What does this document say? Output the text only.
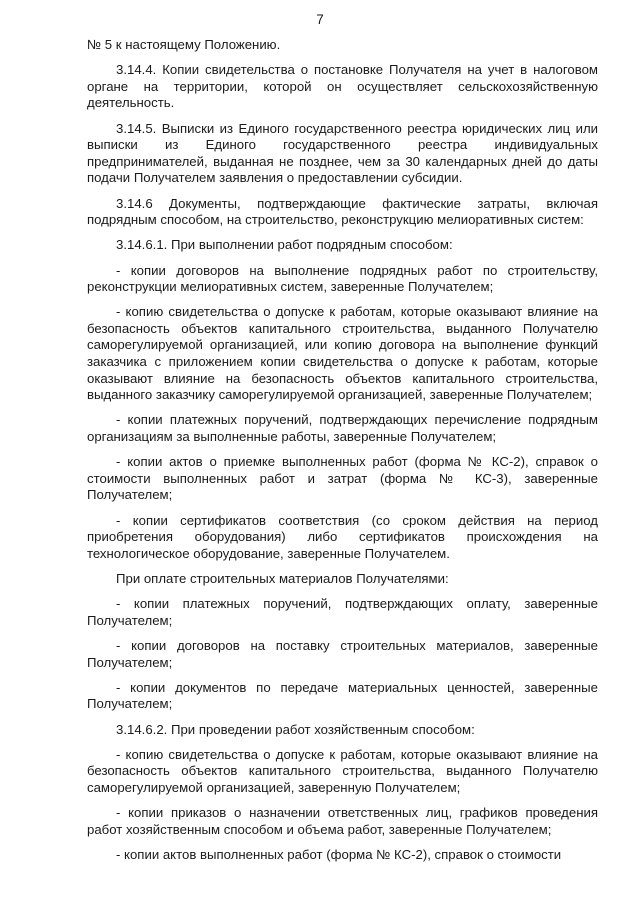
7

№ 5 к настоящему Положению.

3.14.4. Копии свидетельства о постановке Получателя на учет в налоговом органе на территории, которой он осуществляет сельскохозяйственную деятельность.

3.14.5. Выписки из Единого государственного реестра юридических лиц или выписки из Единого государственного реестра индивидуальных предпринимателей, выданная не позднее, чем за 30 календарных дней до даты подачи Получателем заявления о предоставлении субсидии.

3.14.6 Документы, подтверждающие фактические затраты, включая подрядным способом, на строительство, реконструкцию мелиоративных систем:

3.14.6.1. При выполнении работ подрядным способом:

- копии договоров на выполнение подрядных работ по строительству, реконструкции мелиоративных систем, заверенные Получателем;

- копию свидетельства о допуске к работам, которые оказывают влияние на безопасность объектов капитального строительства, выданного Получателю саморегулируемой организацией, или копию договора на выполнение функций заказчика с приложением копии свидетельства о допуске к работам, которые оказывают влияние на безопасность объектов капитального строительства, выданного заказчику саморегулируемой организацией, заверенные Получателем;

- копии платежных поручений, подтверждающих перечисление подрядным организациям за выполненные работы, заверенные Получателем;

- копии актов о приемке выполненных работ (форма № КС-2), справок о стоимости выполненных работ и затрат (форма № КС-3), заверенные Получателем;

- копии сертификатов соответствия (со сроком действия на период приобретения оборудования) либо сертификатов происхождения на технологическое оборудование, заверенные Получателем.

При оплате строительных материалов Получателями:

- копии платежных поручений, подтверждающих оплату, заверенные Получателем;

- копии договоров на поставку строительных материалов, заверенные Получателем;

- копии документов по передаче материальных ценностей, заверенные Получателем;

3.14.6.2. При проведении работ хозяйственным способом:

- копию свидетельства о допуске к работам, которые оказывают влияние на безопасность объектов капитального строительства, выданного Получателю саморегулируемой организацией, заверенную Получателем;

- копии приказов о назначении ответственных лиц, графиков проведения работ хозяйственным способом и объема работ, заверенные Получателем;

- копии актов выполненных работ (форма № КС-2), справок о стоимости
